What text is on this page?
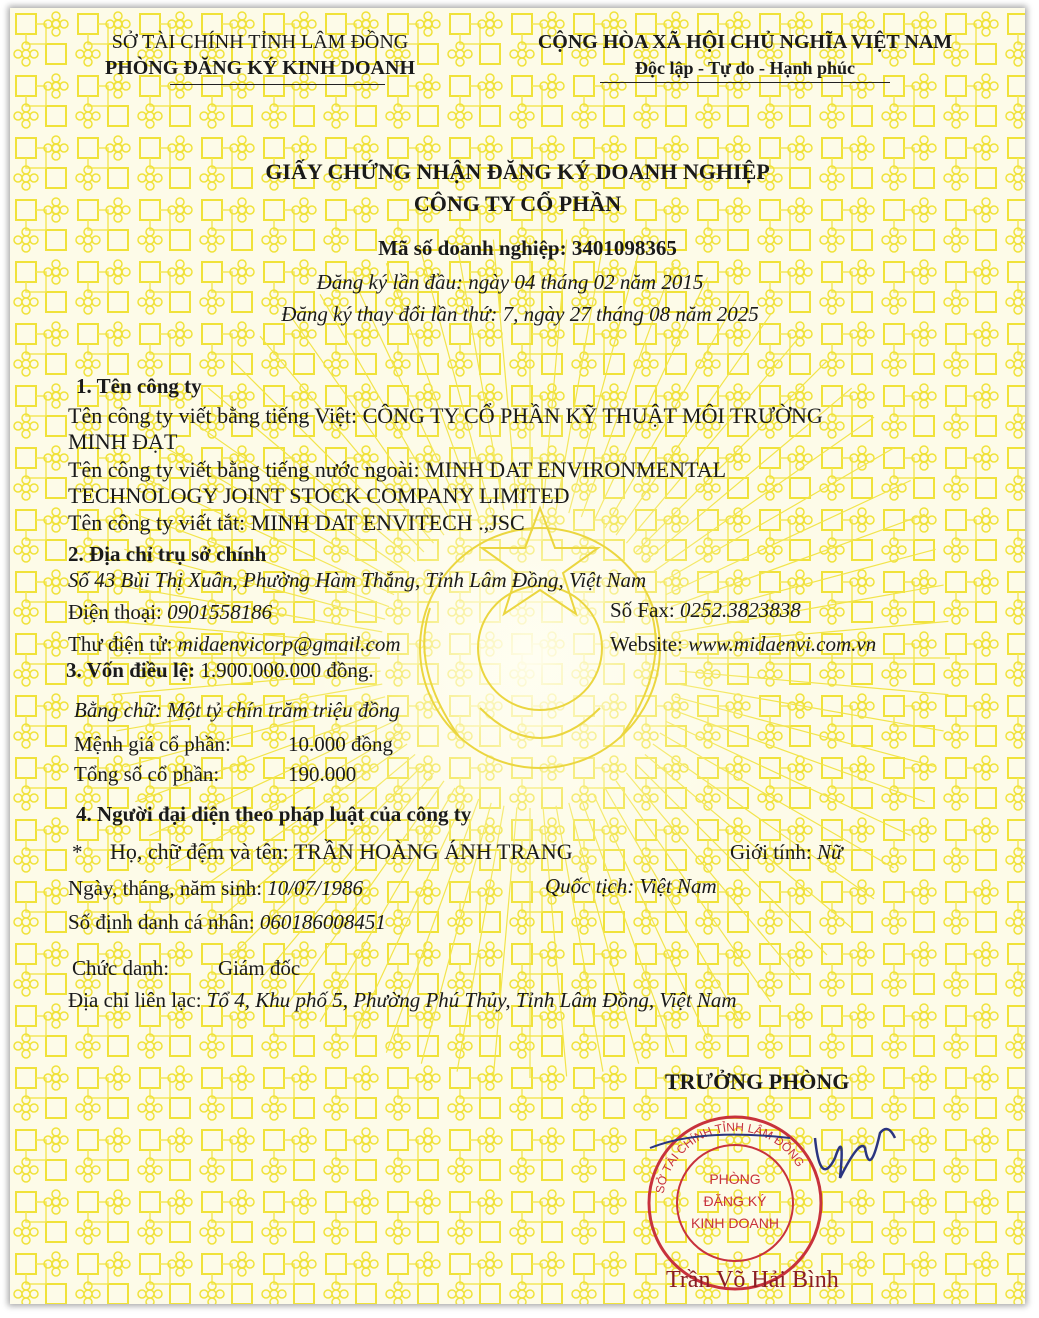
SỞ TÀI CHÍNH TỈNH LÂM ĐỒNG
PHÒNG ĐĂNG KÝ KINH DOANH
CỘNG HÒA XÃ HỘI CHỦ NGHĨA VIỆT NAM
Độc lập - Tự do - Hạnh phúc
GIẤY CHỨNG NHẬN ĐĂNG KÝ DOANH NGHIỆP
CÔNG TY CỔ PHẦN
Mã số doanh nghiệp: 3401098365
Đăng ký lần đầu: ngày 04 tháng 02 năm 2015
Đăng ký thay đổi lần thứ: 7, ngày 27 tháng 08 năm 2025
1. Tên công ty
Tên công ty viết bằng tiếng Việt: CÔNG TY CỔ PHẦN KỸ THUẬT MÔI TRƯỜNG
MINH ĐẠT
Tên công ty viết bằng tiếng nước ngoài: MINH DAT ENVIRONMENTAL
TECHNOLOGY JOINT STOCK COMPANY LIMITED
Tên công ty viết tắt: MINH DAT ENVITECH .,JSC
2. Địa chỉ trụ sở chính
Số 43 Bùi Thị Xuân, Phường Hàm Thắng, Tỉnh Lâm Đồng, Việt Nam
Điện thoại: 0901558186	Số Fax: 0252.3823838
Thư điện tử: midaenvicorp@gmail.com	Website: www.midaenvi.com.vn
3. Vốn điều lệ: 1.900.000.000 đồng.
Bằng chữ: Một tỷ chín trăm triệu đồng
Mệnh giá cổ phần:	10.000 đồng
Tổng số cổ phần:	190.000
4. Người đại diện theo pháp luật của công ty
* Họ, chữ đệm và tên: TRẦN HOÀNG ÁNH TRANG	Giới tính: Nữ
Ngày, tháng, năm sinh: 10/07/1986	Quốc tịch: Việt Nam
Số định danh cá nhân: 060186008451
Chức danh: Giám đốc
Địa chỉ liên lạc: Tổ 4, Khu phố 5, Phường Phú Thủy, Tỉnh Lâm Đồng, Việt Nam
TRƯỞNG PHÒNG
SỞ TÀI CHÍNH TỈNH LÂM ĐỒNG
PHÒNG
ĐĂNG KÝ
KINH DOANH
Trần Võ Hải Bình
